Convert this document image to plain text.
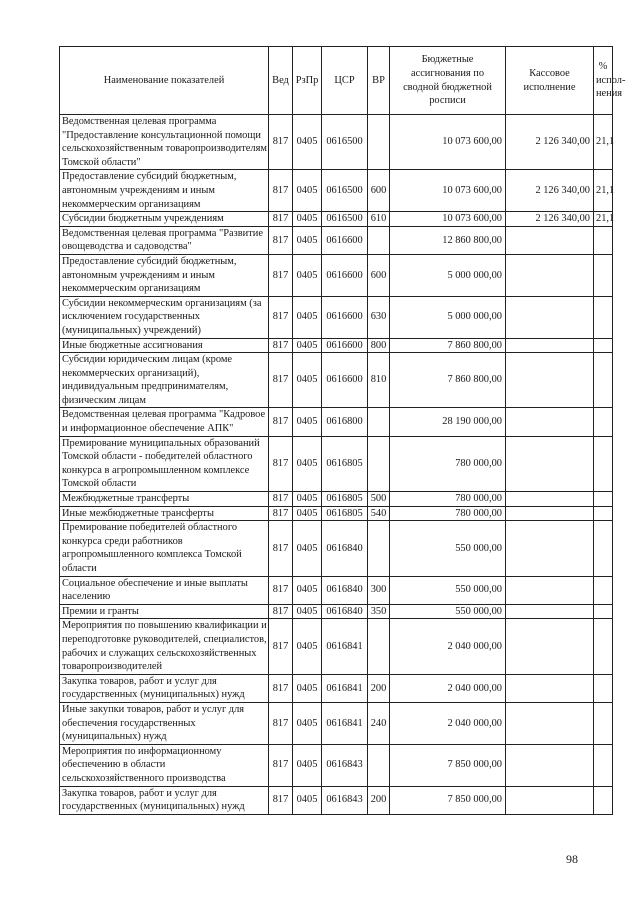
Наименование показателей	Вед	РзПр	ЦСР	ВР	Бюджетные ассигнования по сводной бюджетной росписи	Кассовое исполнение	% испол-нения
Ведомственная целевая программа "Предоставление консультационной помощи сельскохозяйственным товаропроизводителям Томской области"	817	0405	0616500		10 073 600,00	2 126 340,00	21,1
Предоставление субсидий бюджетным, автономным учреждениям и иным некоммерческим организациям	817	0405	0616500	600	10 073 600,00	2 126 340,00	21,1
Субсидии бюджетным учреждениям	817	0405	0616500	610	10 073 600,00	2 126 340,00	21,1
Ведомственная целевая программа "Развитие овощеводства и садоводства"	817	0405	0616600		12 860 800,00		
Предоставление субсидий бюджетным, автономным учреждениям и иным некоммерческим организациям	817	0405	0616600	600	5 000 000,00		
Субсидии некоммерческим организациям (за исключением государственных (муниципальных) учреждений)	817	0405	0616600	630	5 000 000,00		
Иные бюджетные ассигнования	817	0405	0616600	800	7 860 800,00		
Субсидии юридическим лицам (кроме некоммерческих организаций), индивидуальным предпринимателям, физическим лицам	817	0405	0616600	810	7 860 800,00		
Ведомственная целевая программа "Кадровое и информационное обеспечение АПК"	817	0405	0616800		28 190 000,00		
Премирование муниципальных образований Томской области - победителей областного конкурса в агропромышленном комплексе Томской области	817	0405	0616805		780 000,00		
Межбюджетные трансферты	817	0405	0616805	500	780 000,00		
Иные межбюджетные трансферты	817	0405	0616805	540	780 000,00		
Премирование победителей областного конкурса среди работников агропромышленного комплекса Томской области	817	0405	0616840		550 000,00		
Социальное обеспечение и иные выплаты населению	817	0405	0616840	300	550 000,00		
Премии и гранты	817	0405	0616840	350	550 000,00		
Мероприятия по повышению квалификации и переподготовке руководителей, специалистов, рабочих и служащих сельскохозяйственных товаропроизводителей	817	0405	0616841		2 040 000,00		
Закупка товаров, работ и услуг для государственных (муниципальных) нужд	817	0405	0616841	200	2 040 000,00		
Иные закупки товаров, работ и услуг для обеспечения государственных (муниципальных) нужд	817	0405	0616841	240	2 040 000,00		
Мероприятия по информационному обеспечению в области сельскохозяйственного производства	817	0405	0616843		7 850 000,00		
Закупка товаров, работ и услуг для государственных (муниципальных) нужд	817	0405	0616843	200	7 850 000,00		
98
